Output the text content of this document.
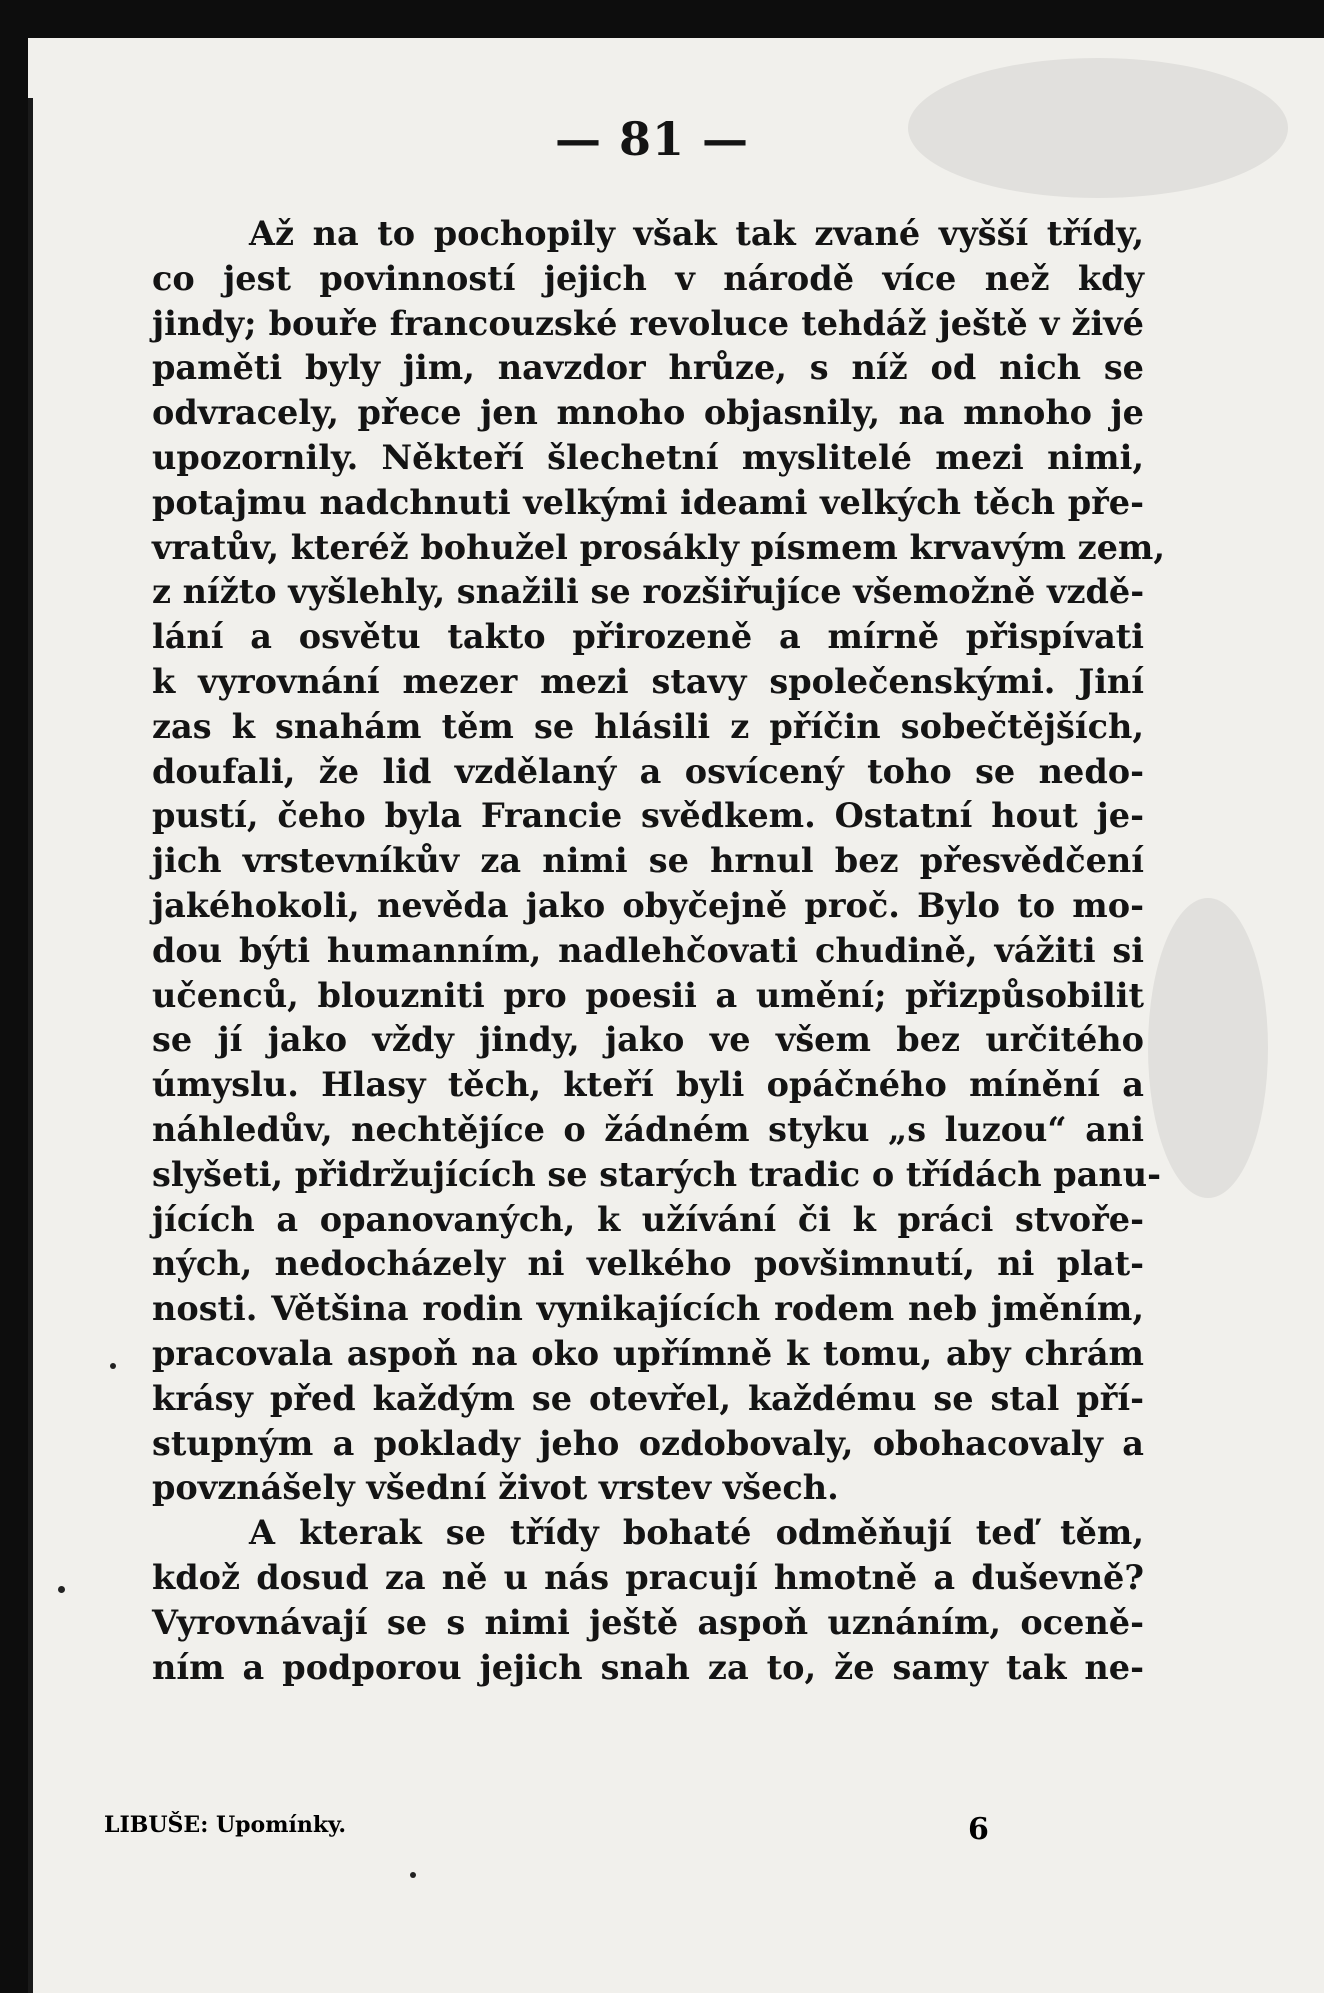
— 81 —
Až na to pochopily však tak zvané vyšší třídy,
co jest povinností jejich v národě více než kdy
jindy; bouře francouzské revoluce tehdáž ještě v živé
paměti byly jim, navzdor hrůze, s níž od nich se
odvracely, přece jen mnoho objasnily, na mnoho je
upozornily. Někteří šlechetní myslitelé mezi nimi,
potajmu nadchnuti velkými ideami velkých těch pře-
vratův, kteréž bohužel prosákly písmem krvavým zem,
z nížto vyšlehly, snažili se rozšiřujíce všemožně vzdě-
lání a osvětu takto přirozeně a mírně přispívati
k vyrovnání mezer mezi stavy společenskými. Jiní
zas k snahám těm se hlásili z příčin sobečtějších,
doufali, že lid vzdělaný a osvícený toho se nedo-
pustí, čeho byla Francie svědkem. Ostatní hout je-
jich vrstevníkův za nimi se hrnul bez přesvědčení
jakéhokoli, nevěda jako obyčejně proč. Bylo to mo-
dou býti humanním, nadlehčovati chudině, vážiti si
učenců, blouzniti pro poesii a umění; přizpůsobilit
se jí jako vždy jindy, jako ve všem bez určitého
úmyslu. Hlasy těch, kteří byli opáčného mínění a
náhledův, nechtějíce o žádném styku „s luzou“ ani
slyšeti, přidržujících se starých tradic o třídách panu-
jících a opanovaných, k užívání či k práci stvoře-
ných, nedocházely ni velkého povšimnutí, ni plat-
nosti. Většina rodin vynikajících rodem neb jměním,
pracovala aspoň na oko upřímně k tomu, aby chrám
krásy před každým se otevřel, každému se stal pří-
stupným a poklady jeho ozdobovaly, obohacovaly a
povznášely všední život vrstev všech.
A kterak se třídy bohaté odměňují teď těm,
kdož dosud za ně u nás pracují hmotně a duševně?
Vyrovnávají se s nimi ještě aspoň uznáním, oceně-
ním a podporou jejich snah za to, že samy tak ne-
LIBUŠE: Upomínky.	6
